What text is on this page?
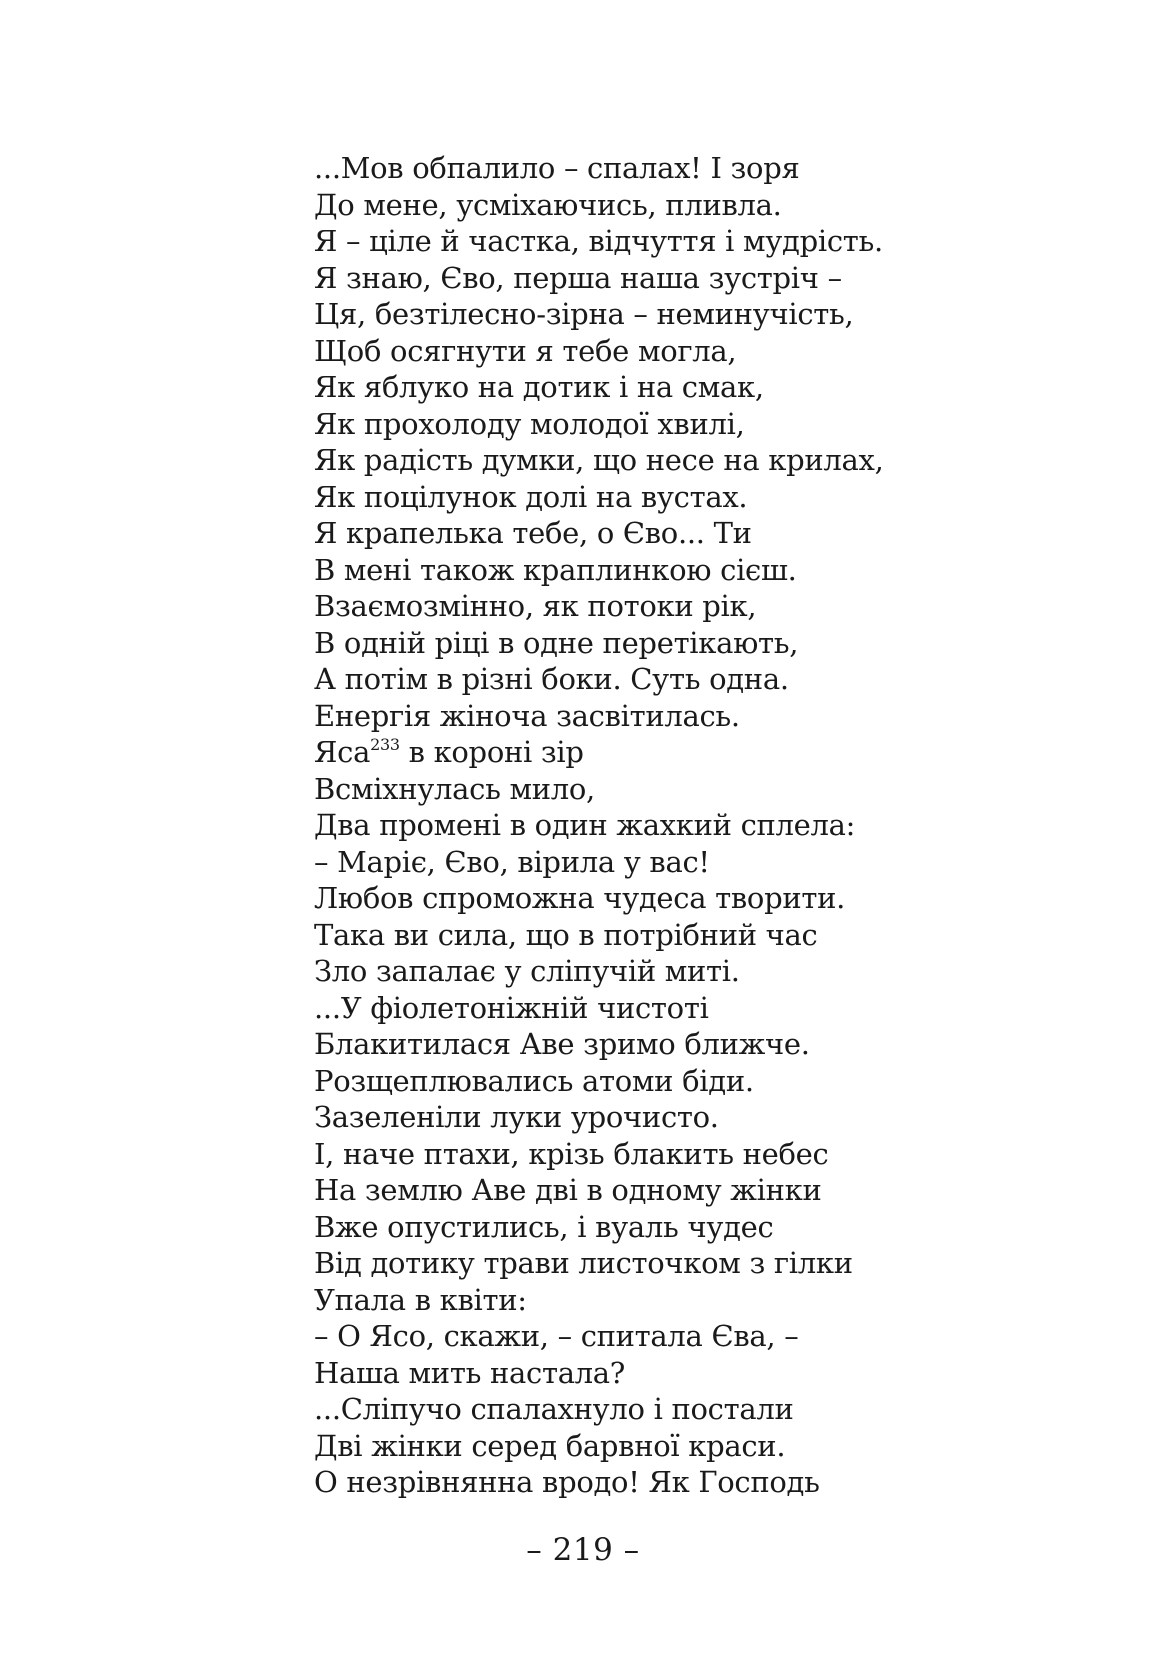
...Мов обпалило – спалах! І зоря
До мене, усміхаючись, пливла.
Я – ціле й частка, відчуття і мудрість.
Я знаю, Єво, перша наша зустріч –
Ця, безтілесно-зірна – неминучість,
Щоб осягнути я тебе могла,
Як яблуко на дотик і на смак,
Як прохолоду молодої хвилі,
Як радість думки, що несе на крилах,
Як поцілунок долі на вустах.
Я крапелька тебе, о Єво... Ти
В мені також краплинкою сієш.
Взаємозмінно, як потоки рік,
В одній ріці в одне перетікають,
А потім в різні боки. Суть одна.
Енергія жіноча засвітилась.
Яса$^{233}$ в короні зір
Всміхнулась мило,
Два промені в один жахкий сплела:
– Маріє, Єво, вірила у вас!
Любов спроможна чудеса творити.
Така ви сила, що в потрібний час
Зло запалає у сліпучій миті.
...У фіолетоніжній чистоті
Блакитилася Аве зримо ближче.
Розщеплювались атоми біди.
Зазеленіли луки урочисто.
І, наче птахи, крізь блакить небес
На землю Аве дві в одному жінки
Вже опустились, і вуаль чудес
Від дотику трави листочком з гілки
Упала в квіти:
– О Ясо, скажи, – спитала Єва, –
Наша мить настала?
...Сліпучо спалахнуло і постали
Дві жінки серед барвної краси.
О незрівнянна вродо! Як Господь
– 219 –
